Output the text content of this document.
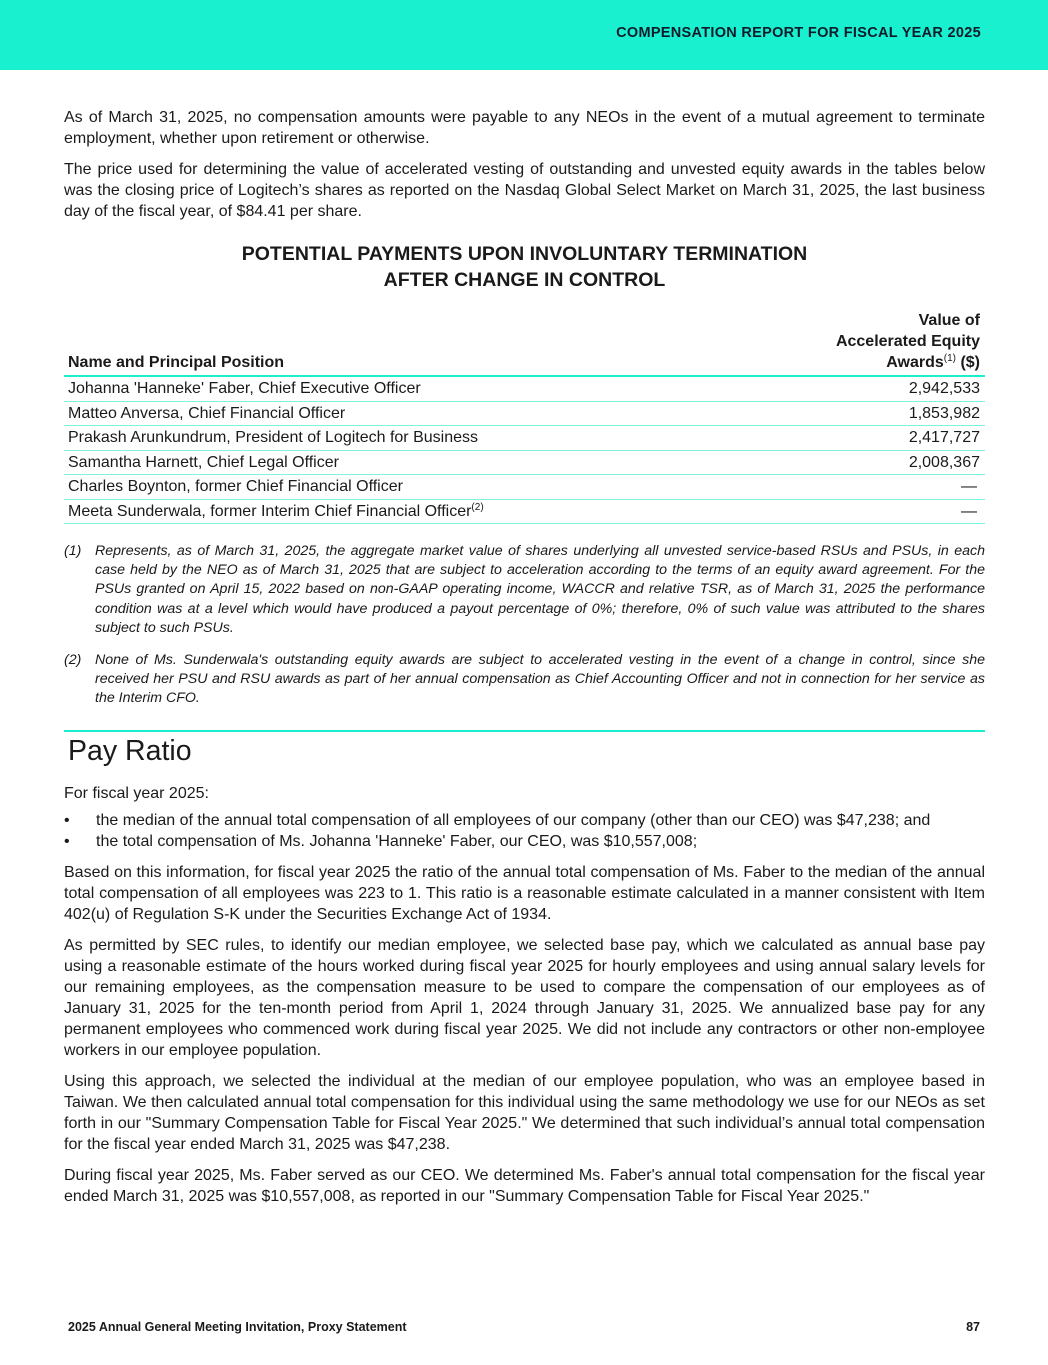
COMPENSATION REPORT FOR FISCAL YEAR 2025

As of March 31, 2025, no compensation amounts were payable to any NEOs in the event of a mutual agreement to terminate employment, whether upon retirement or otherwise.

The price used for determining the value of accelerated vesting of outstanding and unvested equity awards in the tables below was the closing price of Logitech’s shares as reported on the Nasdaq Global Select Market on March 31, 2025, the last business day of the fiscal year, of $84.41 per share.

POTENTIAL PAYMENTS UPON INVOLUNTARY TERMINATION
AFTER CHANGE IN CONTROL
Name and Principal Position	Value of
Accelerated Equity
Awards$^{(1)}$ ($)

Johanna 'Hanneke' Faber, Chief Executive Officer	2,942,533
Matteo Anversa, Chief Financial Officer	1,853,982
Prakash Arunkundrum, President of Logitech for Business	2,417,727
Samantha Harnett, Chief Legal Officer	2,008,367
Charles Boynton, former Chief Financial Officer	—
Meeta Sunderwala, former Interim Chief Financial Officer$^{(2)}$	—
(1) Represents, as of March 31, 2025, the aggregate market value of shares underlying all unvested service-based RSUs and PSUs, in each case held by the NEO as of March 31, 2025 that are subject to acceleration according to the terms of an equity award agreement. For the PSUs granted on April 15, 2022 based on non-GAAP operating income, WACCR and relative TSR, as of March 31, 2025 the performance condition was at a level which would have produced a payout percentage of 0%; therefore, 0% of such value was attributed to the shares subject to such PSUs.
(2) None of Ms. Sunderwala's outstanding equity awards are subject to accelerated vesting in the event of a change in control, since she received her PSU and RSU awards as part of her annual compensation as Chief Accounting Officer and not in connection for her service as the Interim CFO.
Pay Ratio

For fiscal year 2025:

•	the median of the annual total compensation of all employees of our company (other than our CEO) was $47,238; and
•	the total compensation of Ms. Johanna 'Hanneke' Faber, our CEO, was $10,557,008;

Based on this information, for fiscal year 2025 the ratio of the annual total compensation of Ms. Faber to the median of the annual total compensation of all employees was 223 to 1. This ratio is a reasonable estimate calculated in a manner consistent with Item 402(u) of Regulation S-K under the Securities Exchange Act of 1934.

As permitted by SEC rules, to identify our median employee, we selected base pay, which we calculated as annual base pay using a reasonable estimate of the hours worked during fiscal year 2025 for hourly employees and using annual salary levels for our remaining employees, as the compensation measure to be used to compare the compensation of our employees as of January 31, 2025 for the ten-month period from April 1, 2024 through January 31, 2025. We annualized base pay for any permanent employees who commenced work during fiscal year 2025. We did not include any contractors or other non-employee workers in our employee population.

Using this approach, we selected the individual at the median of our employee population, who was an employee based in Taiwan. We then calculated annual total compensation for this individual using the same methodology we use for our NEOs as set forth in our "Summary Compensation Table for Fiscal Year 2025." We determined that such individual’s annual total compensation for the fiscal year ended March 31, 2025 was $47,238.

During fiscal year 2025, Ms. Faber served as our CEO. We determined Ms. Faber's annual total compensation for the fiscal year ended March 31, 2025 was $10,557,008, as reported in our "Summary Compensation Table for Fiscal Year 2025."

2025 Annual General Meeting Invitation, Proxy Statement	87
